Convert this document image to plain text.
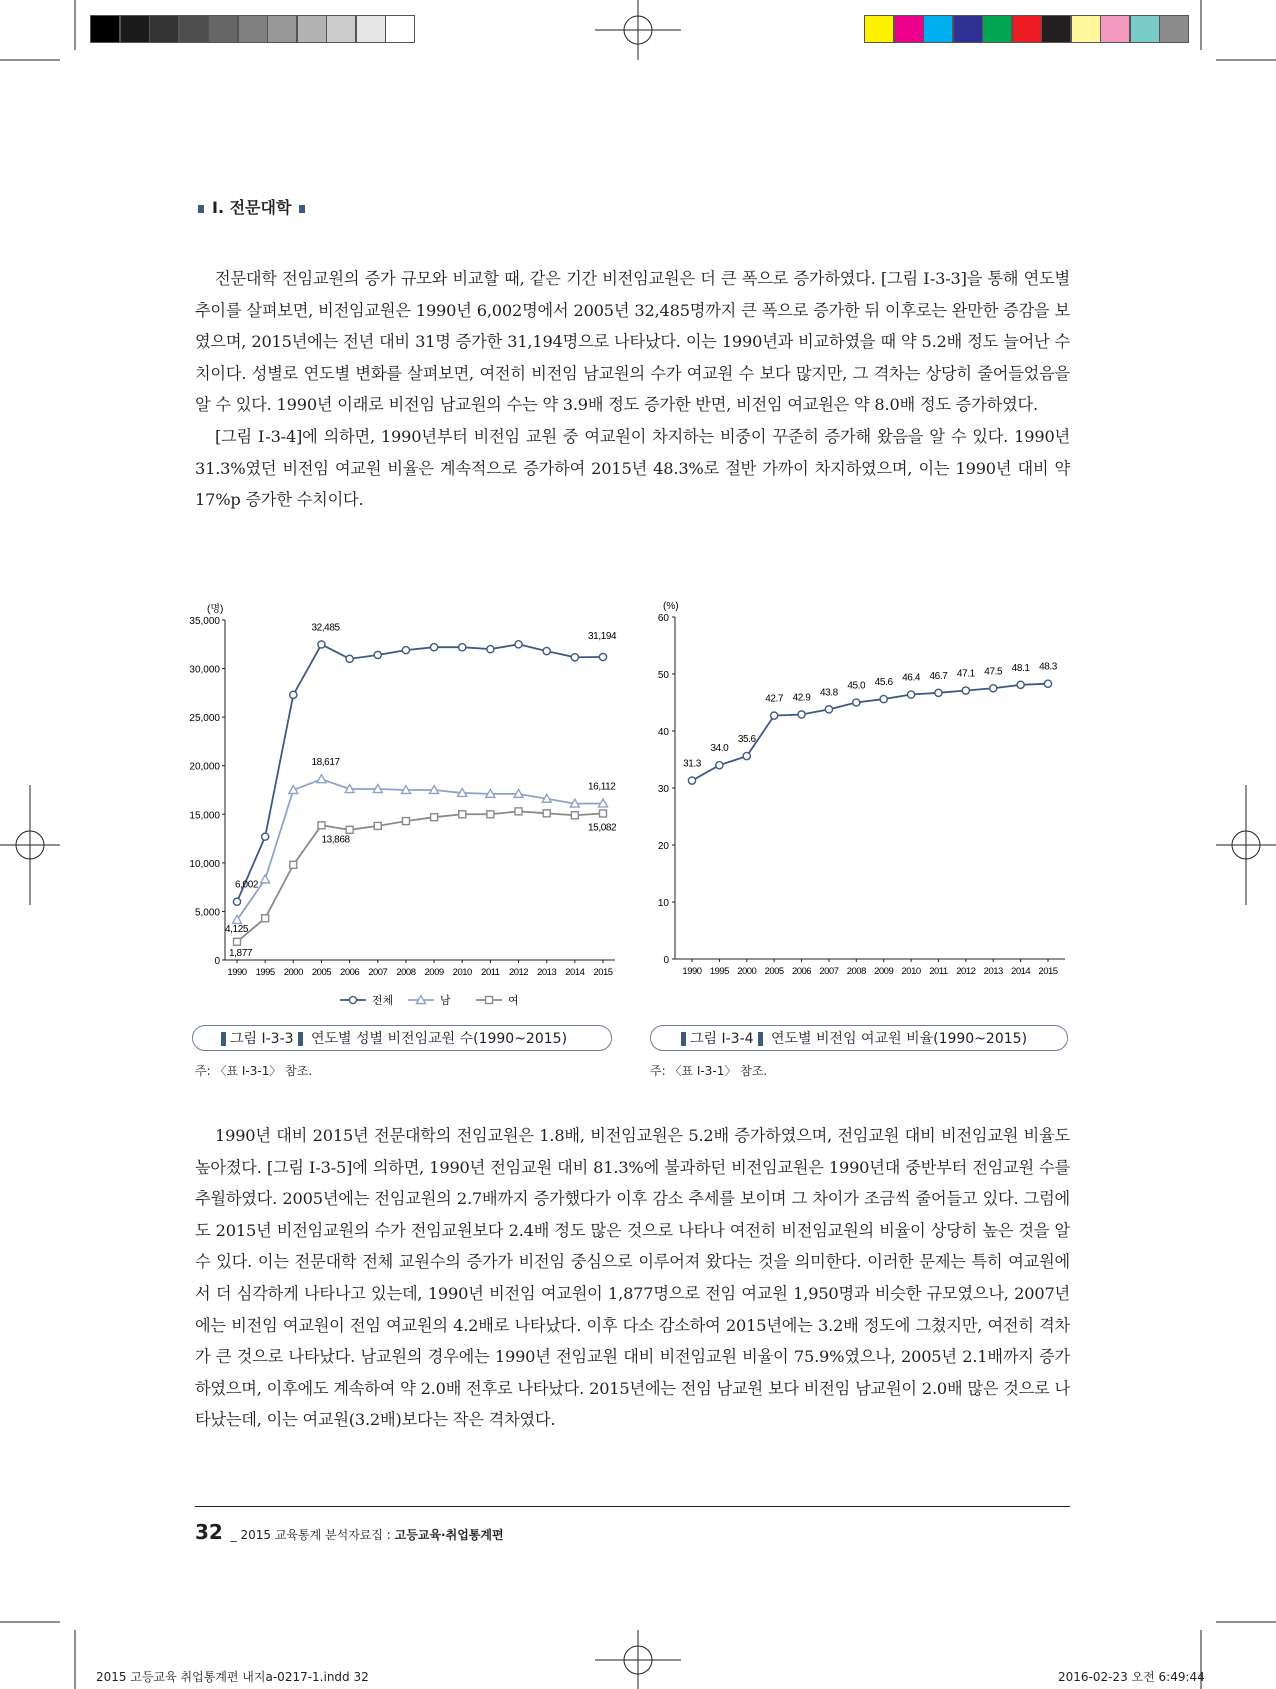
Ⅰ. 전문대학

전문대학 전임교원의 증가 규모와 비교할 때, 같은 기간 비전임교원은 더 큰 폭으로 증가하였다. [그림 Ⅰ-3-3]을 통해 연도별 추이를 살펴보면, 비전임교원은 1990년 6,002명에서 2005년 32,485명까지 큰 폭으로 증가한 뒤 이후로는 완만한 증감을 보였으며, 2015년에는 전년 대비 31명 증가한 31,194명으로 나타났다. 이는 1990년과 비교하였을 때 약 5.2배 정도 늘어난 수치이다. 성별로 연도별 변화를 살펴보면, 여전히 비전임 남교원의 수가 여교원 수 보다 많지만, 그 격차는 상당히 줄어들었음을 알 수 있다. 1990년 이래로 비전임 남교원의 수는 약 3.9배 정도 증가한 반면, 비전임 여교원은 약 8.0배 정도 증가하였다.

[그림 Ⅰ-3-4]에 의하면, 1990년부터 비전임 교원 중 여교원이 차지하는 비중이 꾸준히 증가해 왔음을 알 수 있다. 1990년 31.3%였던 비전임 여교원 비율은 계속적으로 증가하여 2015년 48.3%로 절반 가까이 차지하였으며, 이는 1990년 대비 약 17%p 증가한 수치이다.

(명)
0
5,000
10,000
15,000
20,000
25,000
30,000
35,000
1990 1995 2000 2005 2006 2007 2008 2009 2010 2011 2012 2013 2014 2015
6,002
32,485
31,194
4,125
18,617
16,112
1,877
13,868
15,082
전체	남	여
그림 Ⅰ-3-3 연도별 성별 비전임교원 수(1990~2015)
주: 〈표 Ⅰ-3-1〉 참조.
(%)
0
10
20
30
40
50
60
1990 1995 2000 2005 2006 2007 2008 2009 2010 2011 2012 2013 2014 2015
31.3
34.0
35.6
42.7 42.9 43.8
45.0 45.6 46.4 46.7 47.1 47.5 48.1 48.3
그림 Ⅰ-3-4 연도별 비전임 여교원 비율(1990~2015)
주: 〈표 Ⅰ-3-1〉 참조.

1990년 대비 2015년 전문대학의 전임교원은 1.8배, 비전임교원은 5.2배 증가하였으며, 전임교원 대비 비전임교원 비율도 높아졌다. [그림 Ⅰ-3-5]에 의하면, 1990년 전임교원 대비 81.3%에 불과하던 비전임교원은 1990년대 중반부터 전임교원 수를 추월하였다. 2005년에는 전임교원의 2.7배까지 증가했다가 이후 감소 추세를 보이며 그 차이가 조금씩 줄어들고 있다. 그럼에도 2015년 비전임교원의 수가 전임교원보다 2.4배 정도 많은 것으로 나타나 여전히 비전임교원의 비율이 상당히 높은 것을 알 수 있다. 이는 전문대학 전체 교원수의 증가가 비전임 중심으로 이루어져 왔다는 것을 의미한다. 이러한 문제는 특히 여교원에서 더 심각하게 나타나고 있는데, 1990년 비전임 여교원이 1,877명으로 전임 여교원 1,950명과 비슷한 규모였으나, 2007년에는 비전임 여교원이 전임 여교원의 4.2배로 나타났다. 이후 다소 감소하여 2015년에는 3.2배 정도에 그쳤지만, 여전히 격차가 큰 것으로 나타났다. 남교원의 경우에는 1990년 전임교원 대비 비전임교원 비율이 75.9%였으나, 2005년 2.1배까지 증가하였으며, 이후에도 계속하여 약 2.0배 전후로 나타났다. 2015년에는 전임 남교원 보다 비전임 남교원이 2.0배 많은 것으로 나타났는데, 이는 여교원(3.2배)보다는 작은 격차였다.

32 _ 2015 교육통계 분석자료집 : 고등교육·취업통계편
2015 고등교육 취업통계편 내지a-0217-1.indd 32	2016-02-23 오전 6:49:44
